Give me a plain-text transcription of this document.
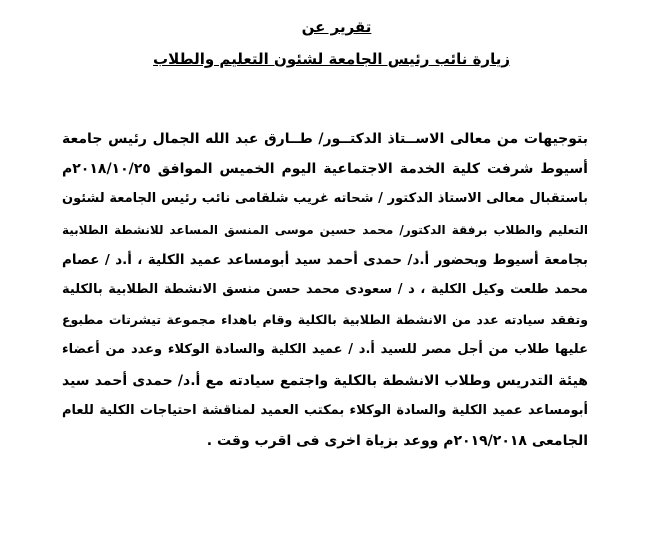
تقرير عن
زيارة نائب رئيس الجامعة لشئون التعليم والطلاب
بتوجيهات من معالى الاســتاذ الدكتــور/ طــارق عبد الله الجمال رئيس جامعة
أسيوط شرفت كلية الخدمة الاجتماعية اليوم الخميس الموافق ٢٠١٨/١٠/٢٥م
باستقبال معالى الاستاذ الدكتور / شحاته غريب شلقامى نائب رئيس الجامعة لشئون
التعليم والطلاب برفقة الدكتور/ محمد حسين موسى المنسق المساعد للانشطة الطلابية
بجامعة أسيوط وبحضور أ.د/ حمدى أحمد سيد أبومساعد عميد الكلية ، أ.د / عصام
محمد طلعت وكيل الكلية ، د / سعودى محمد حسن منسق الانشطة الطلابية بالكلية
وتفقد سيادته عدد من الانشطة الطلابية بالكلية وقام باهداء مجموعة تيشرتات مطبوع
عليها طلاب من أجل مصر للسيد أ.د / عميد الكلية والسادة الوكلاء وعدد من أعضاء
هيئة التدريس وطلاب الانشطة بالكلية واجتمع سيادته مع أ.د/ حمدى أحمد سيد
أبومساعد عميد الكلية والسادة الوكلاء بمكتب العميد لمناقشة احتياجات الكلية للعام
الجامعى ٢٠١٩/٢٠١٨م ووعد بزياة اخرى فى اقرب وقت .
